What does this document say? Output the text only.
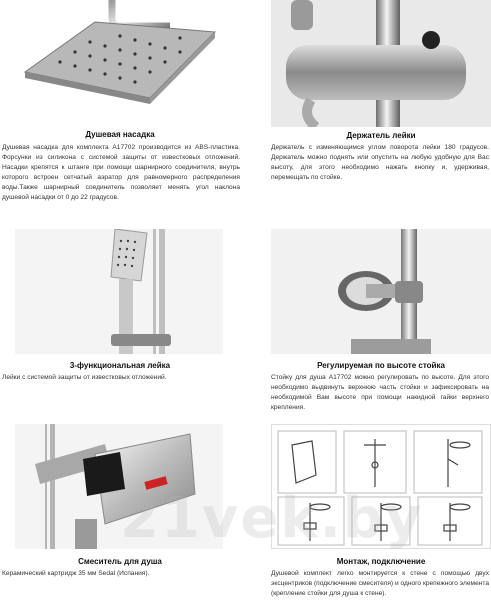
Душевая насадка
Душевая насадка для комплекта A17702 производится из ABS-пластика. Форсунки из силикона с системой защиты от известковых отложений. Насадки крепятся к штанге при помощи шарнирного соединителя, внутрь которого встроен сетчатый аэратор для равномерного распределения воды.Также шарнирный соединитель позволяет менять угол наклона душевой насадки от 0 до 22 градусов.
Держатель лейки
Держатель с изменяющимся углом поворота лейки 180 градусов. Держатель можно поднять или опустить на любую удобную для Вас высоту, для этого необходимо нажать кнопку и, удерживая, перемещать по стойке.
3-функциональная лейка
Лейки с системой защиты от известковых отложений.
Регулируемая по высоте стойка
Стойку для душа A17702 можно регулировать по высоте. Для этого необходимо выдвинуть верхнюю часть стойки и зафиксировать на необходимой Вам высоте при помощи накидной гайки верхнего крепления.
Смеситель для душа
Керамический картридж 35 мм Sedal (Испания).
Монтаж, подключение
Душевой комплект легко монтируется к стене с помощью двух эксцентриков (подключение смесителя) и одного крепежного элемента (крепление стойки для душа к стене).
21vek.by
